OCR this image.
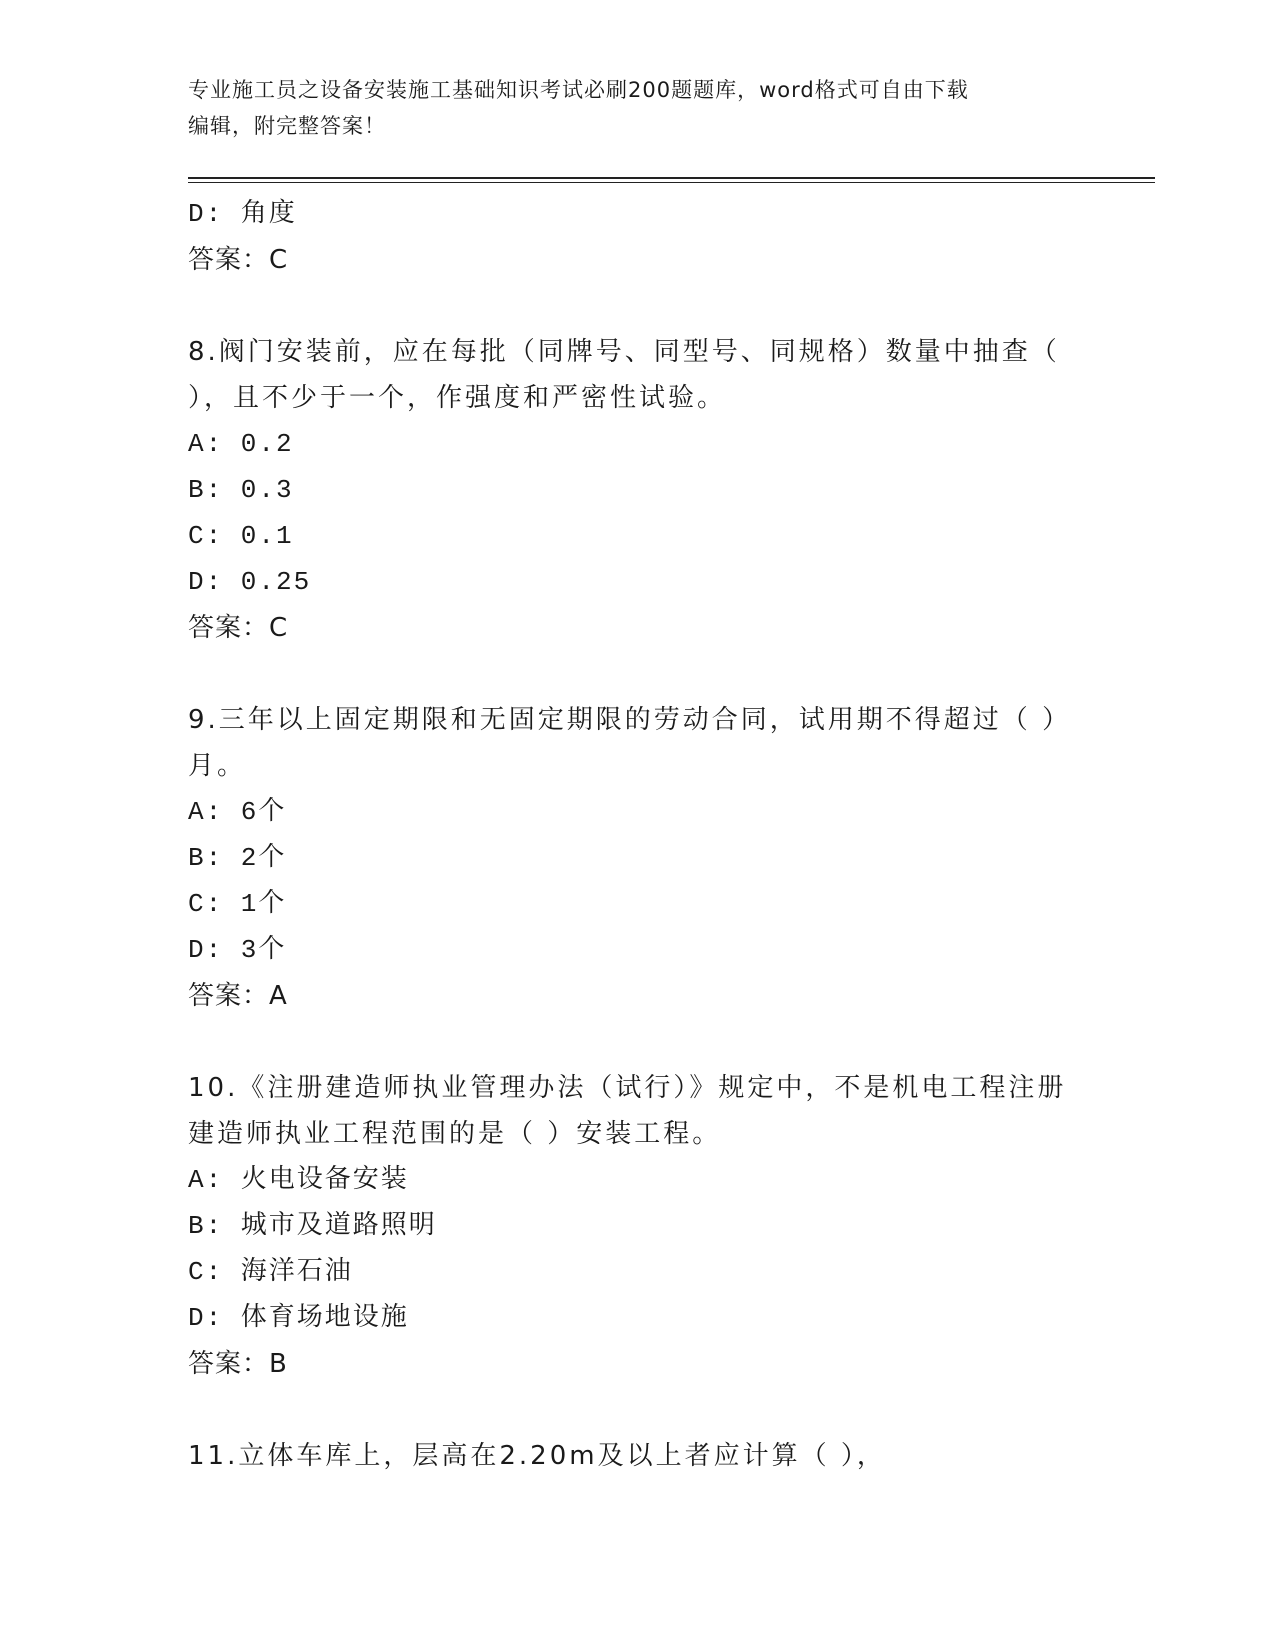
专业施工员之设备安装施工基础知识考试必刷200题题库，word格式可自由下载
编辑，附完整答案！
D: 角度
答案：C
8.阀门安装前，应在每批（同牌号、同型号、同规格）数量中抽查（
），且不少于一个，作强度和严密性试验。
A: 0.2
B: 0.3
C: 0.1
D: 0.25
答案：C
9.三年以上固定期限和无固定期限的劳动合同，试用期不得超过（ ）
月。
A: 6个
B: 2个
C: 1个
D: 3个
答案：A
10.《注册建造师执业管理办法（试行）》规定中，不是机电工程注册
建造师执业工程范围的是（ ）安装工程。
A: 火电设备安装
B: 城市及道路照明
C: 海洋石油
D: 体育场地设施
答案：B
11.立体车库上，层高在2.20m及以上者应计算（ ），
